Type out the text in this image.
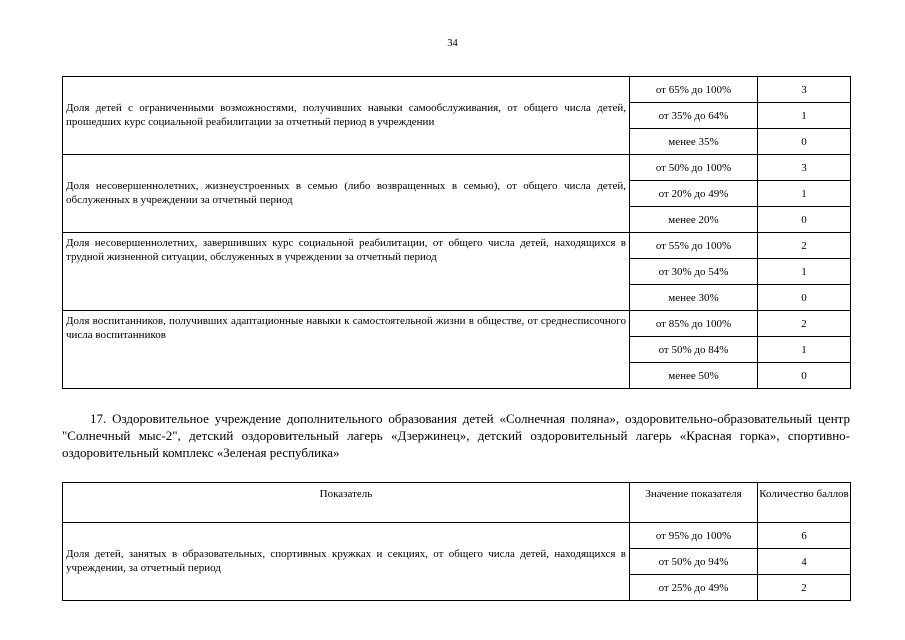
34
Доля детей с ограниченными возможностями, получивших навыки самообслуживания, от общего числа детей, прошедших курс социальной реабилитации за отчетный период в учреждении	от 65% до 100%	3
	от 35% до 64%	1
	менее 35%	0
Доля несовершеннолетних, жизнеустроенных в семью (либо возвращенных в семью), от общего числа детей, обслуженных в учреждении за отчетный период	от 50% до 100%	3
	от 20% до 49%	1
	менее 20%	0
Доля несовершеннолетних, завершивших курс социальной реабилитации, от общего числа детей, находящихся в трудной жизненной ситуации, обслуженных в учреждении за отчетный период	от 55% до 100%	2
	от 30% до 54%	1
	менее 30%	0
Доля воспитанников, получивших адаптационные навыки к самостоятельной жизни в обществе, от среднесписочного числа воспитанников	от 85% до 100%	2
	от 50% до 84%	1
	менее 50%	0
17. Оздоровительное учреждение дополнительного образования детей «Солнечная поляна», оздоровительно-образовательный центр "Солнечный мыс-2", детский оздоровительный лагерь «Дзержинец», детский оздоровительный лагерь «Красная горка», спортивно-оздоровительный комплекс «Зеленая республика»
Показатель	Значение показателя	Количество баллов
Доля детей, занятых в образовательных, спортивных кружках и секциях, от общего числа детей, находящихся в учреждении, за отчетный период	от 95% до 100%	6
	от 50% до 94%	4
	от 25% до 49%	2
